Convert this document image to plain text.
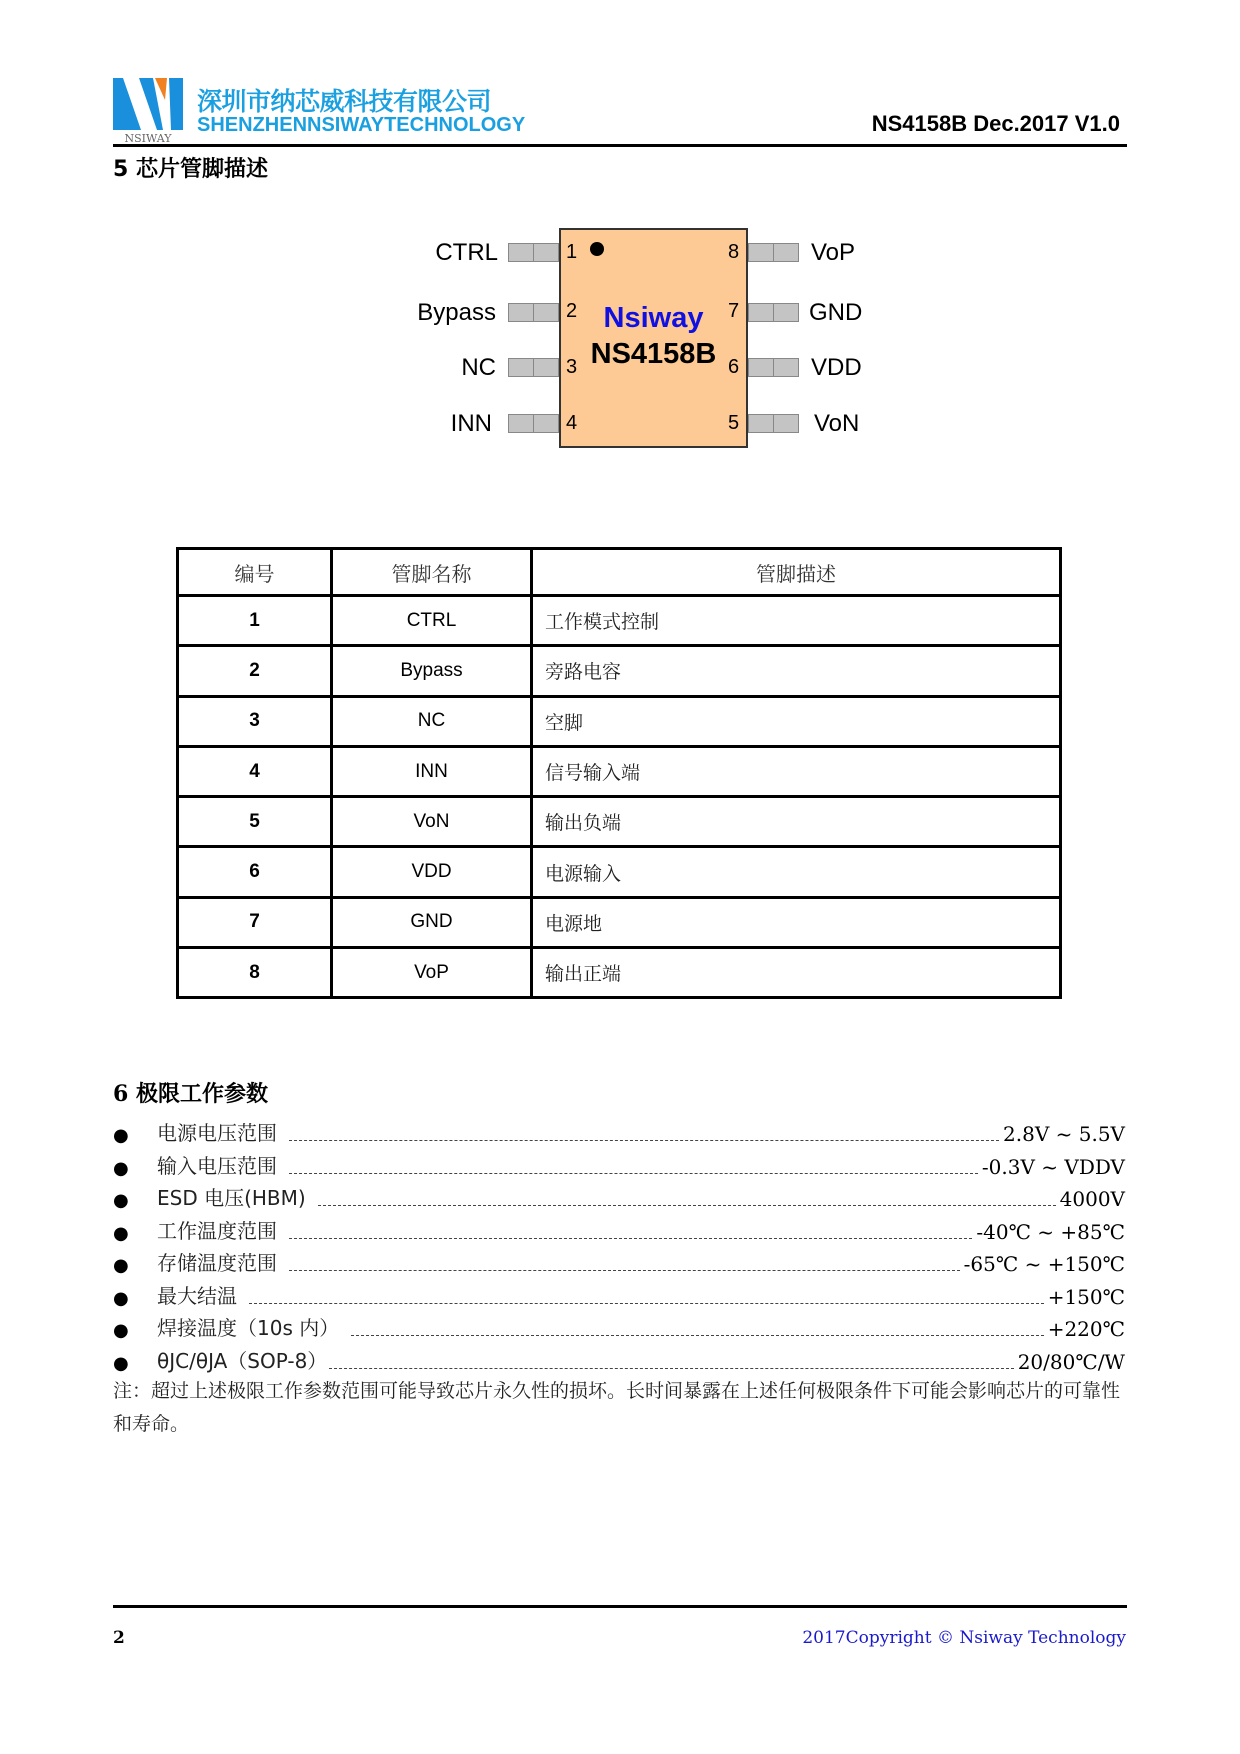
NSIWAY
深圳市纳芯威科技有限公司
SHENZHENNSIWAYTECHNOLOGY	NS4158B Dec.2017 V1.0
5 芯片管脚描述
Nsiway
NS4158B
CTRL
Bypass
NC
INN
VoP
GND
VDD
VoN
1
2
3
4
8
7
6
5
编号	管脚名称	管脚描述
1	CTRL	工作模式控制
2	Bypass	旁路电容
3	NC	空脚
4	INN	信号输入端
5	VoN	输出负端
6	VDD	电源输入
7	GND	电源地
8	VoP	输出正端
6 极限工作参数
●	电源电压范围	2.8V ~ 5.5V
●	输入电压范围	-0.3V ~ VDDV
●	ESD 电压(HBM)	4000V
●	工作温度范围	-40℃ ~ +85℃
●	存储温度范围	-65℃ ~ +150℃
●	最大结温	+150℃
●	焊接温度（10s 内）	+220℃
●	θJC/θJA（SOP-8）	20/80℃/W
注：超过上述极限工作参数范围可能导致芯片永久性的损坏。长时间暴露在上述任何极限条件下可能会影响芯片的可靠性和寿命。
2	2017Copyright © Nsiway Technology
